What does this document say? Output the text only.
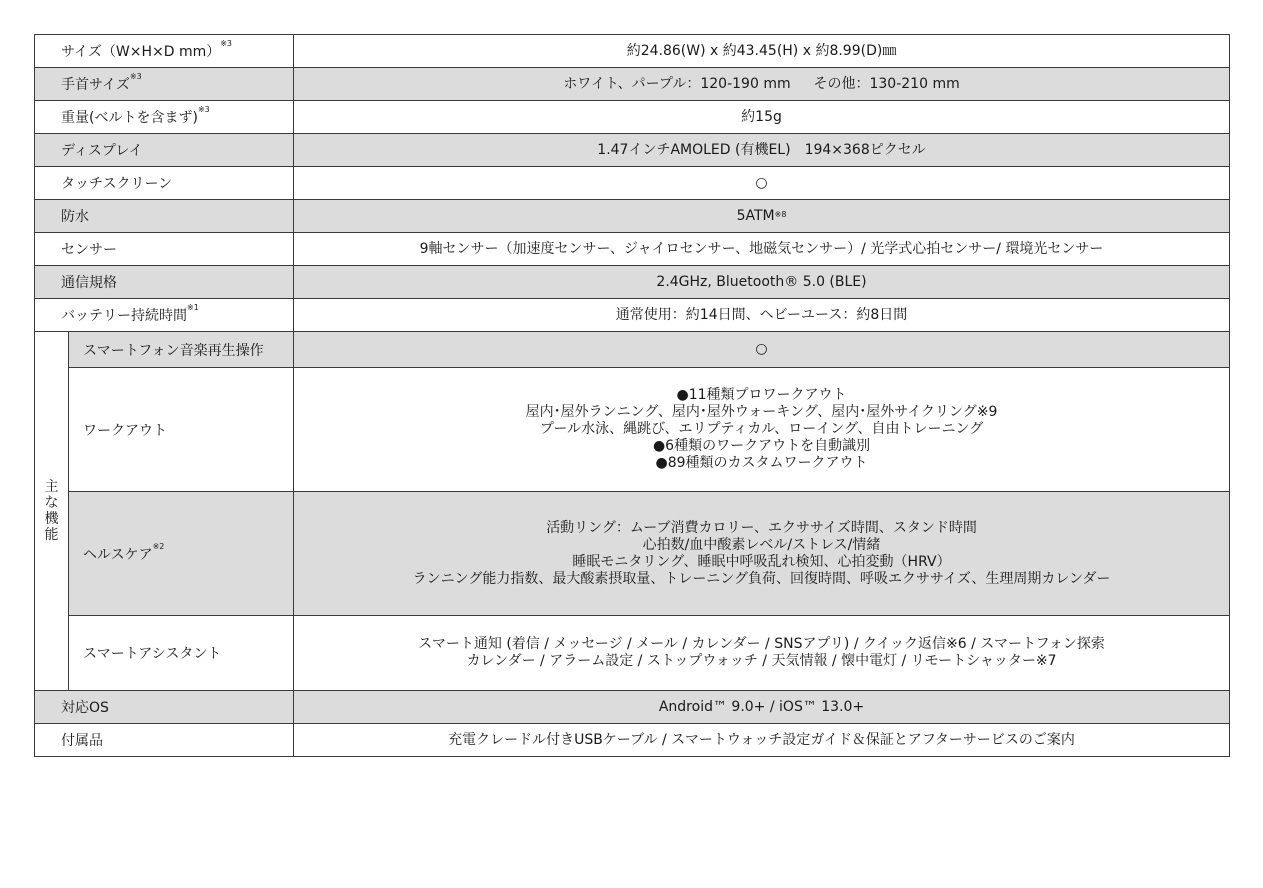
サイズ（W×H×D mm）$^{※3}$		約24.86(W) x 約43.45(H) x 約8.99(D)㎜
手首サイズ$^{※3}$		ホワイト、パープル：120-190 mm　  その他：130-210 mm
重量(ベルトを含まず)$^{※3}$		約15g
ディスプレイ		1.47インチAMOLED (有機EL)　194×368ピクセル
タッチスクリーン		○
防水		5ATM$^{※8}$
センサー		9軸センサー（加速度センサー、ジャイロセンサー、地磁気センサー）/ 光学式心拍センサー/ 環境光センサー
通信規格		2.4GHz, Bluetooth® 5.0 (BLE)
バッテリー持続時間$^{※1}$		通常使用：約14日間、ヘビーユース：約8日間
主な機能	スマートフォン音楽再生操作	○
	ワークアウト	●11種類プロワークアウト
屋内･屋外ランニング、屋内･屋外ウォーキング、屋内･屋外サイクリング※9
プール水泳、縄跳び、エリプティカル、ローイング、自由トレーニング
●6種類のワークアウトを自動識別
●89種類のカスタムワークアウト

	ヘルスケア$^{※2}$	活動リング：ムーブ消費カロリー、エクササイズ時間、スタンド時間
心拍数/血中酸素レベル/ストレス/情緒
睡眠モニタリング、睡眠中呼吸乱れ検知、心拍変動（HRV）
ランニング能力指数、最大酸素摂取量、トレーニング負荷、回復時間、呼吸エクササイズ、生理周期カレンダー

	スマートアシスタント	スマート通知 (着信 / メッセージ / メール / カレンダー / SNSアプリ) / クイック返信※6 / スマートフォン探索
カレンダー / アラーム設定 / ストップウォッチ / 天気情報 / 懐中電灯 / リモートシャッター※7

対応OS		Android™ 9.0+ / iOS™ 13.0+
付属品		充電クレードル付きUSBケーブル / スマートウォッチ設定ガイド＆保証とアフターサービスのご案内
